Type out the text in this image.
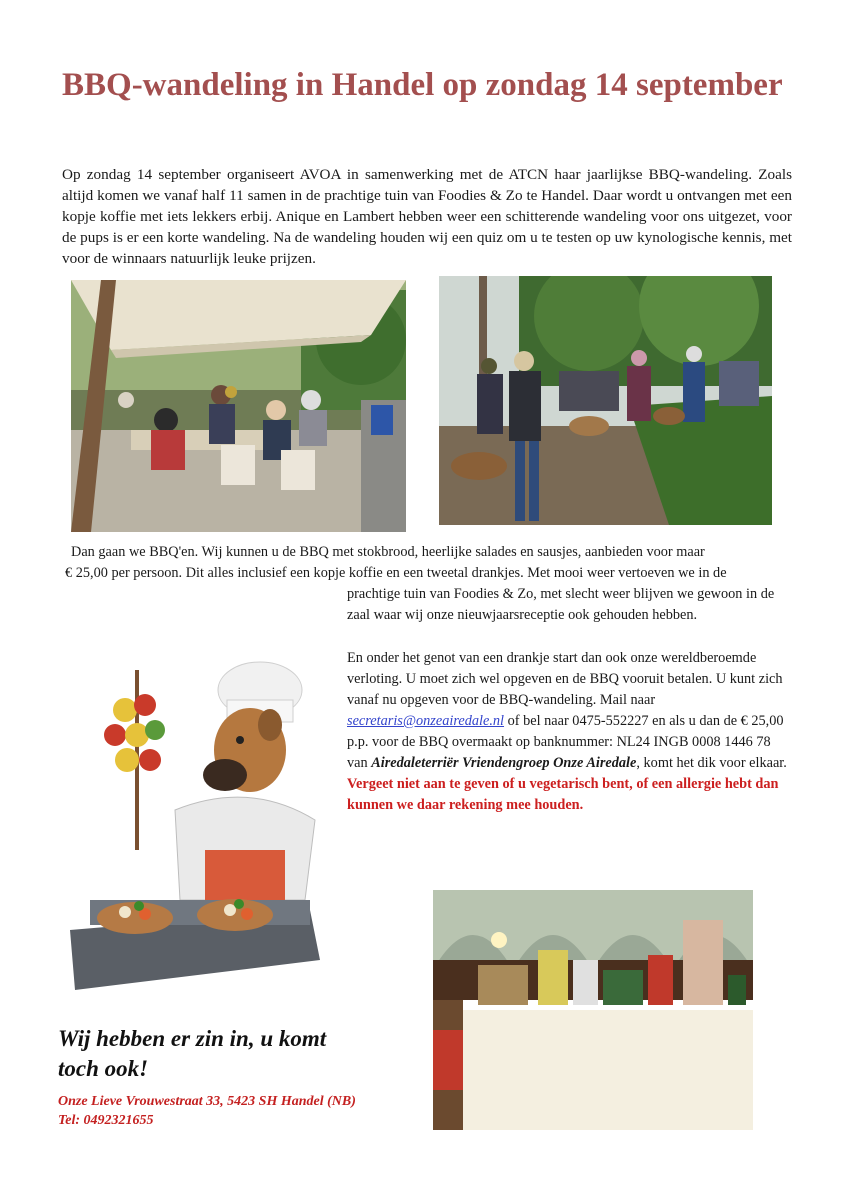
BBQ-wandeling in Handel op zondag 14 september

Op zondag 14 september organiseert AVOA in samenwerking met de ATCN haar jaarlijkse BBQ-wandeling. Zoals altijd komen we vanaf half 11 samen in de prachtige tuin van Foodies & Zo te Handel. Daar wordt u ontvangen met een kopje koffie met iets lekkers erbij. Anique en Lambert hebben weer een schitterende wandeling voor ons uitgezet, voor de pups is er een korte wandeling. Na de wandeling houden wij een quiz om u te testen op uw kynologische kennis, met voor de winnaars natuurlijk leuke prijzen.

Dan gaan we BBQ'en. Wij kunnen u de BBQ met stokbrood, heerlijke salades en sausjes, aanbieden voor maar

€ 25,00 per persoon. Dit alles inclusief een kopje koffie en een tweetal drankjes. Met mooi weer vertoeven we in de

prachtige tuin van Foodies & Zo, met slecht weer blijven we gewoon in de zaal waar wij onze nieuwjaarsreceptie ook gehouden hebben.

En onder het genot van een drankje start dan ook onze wereldberoemde verloting. U moet zich wel opgeven en de BBQ vooruit betalen. U kunt zich vanaf nu opgeven voor de BBQ-wandeling. Mail naar secretaris@onzeairedale.nl of bel naar 0475-552227 en als u dan de € 25,00 p.p. voor de BBQ overmaakt op banknummer: NL24 INGB 0008 1446 78 van Airedaleterriër Vriendengroep Onze Airedale, komt het dik voor elkaar. Vergeet niet aan te geven of u vegetarisch bent, of een allergie hebt dan kunnen we daar rekening mee houden.

Wij hebben er zin in, u komt toch ook!

Onze Lieve Vrouwestraat 33, 5423 SH Handel (NB) Tel: 0492321655
